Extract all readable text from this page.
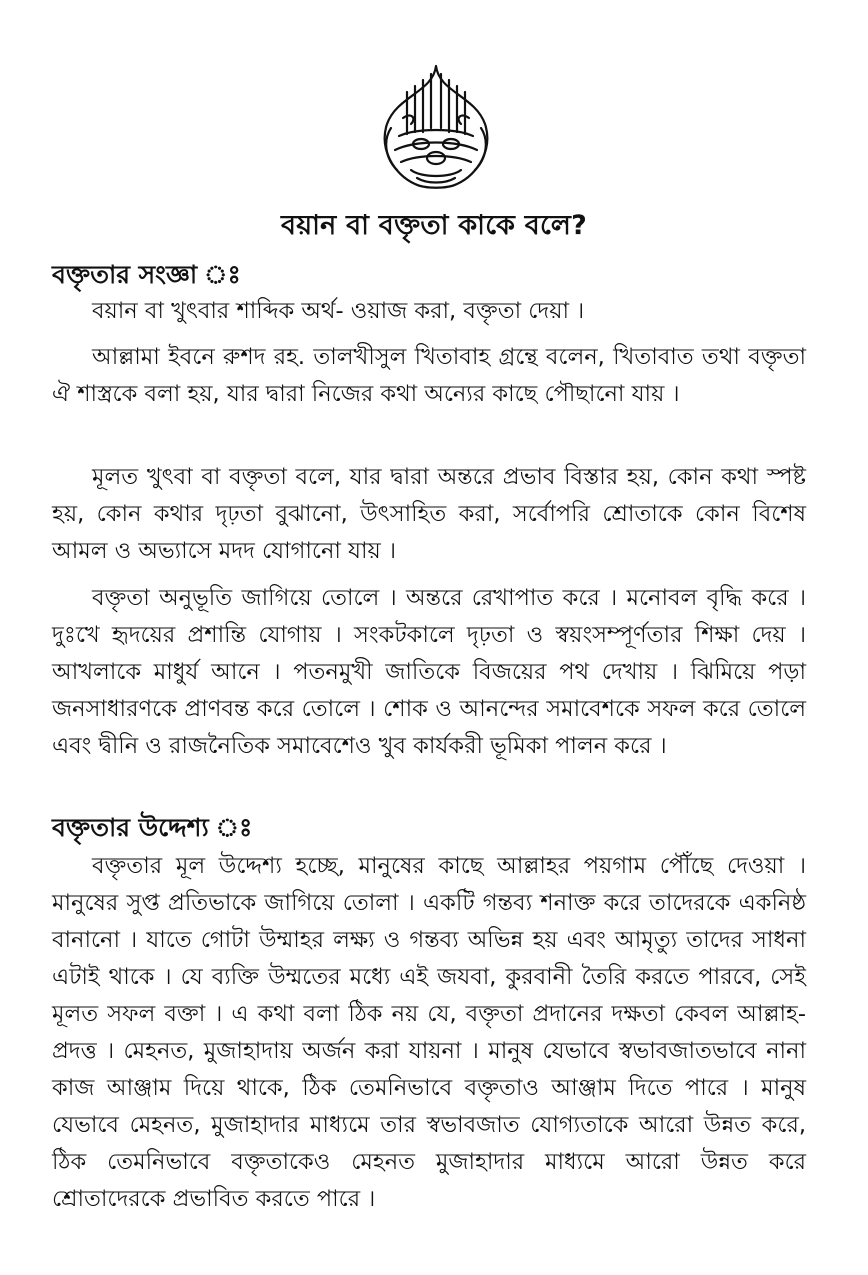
বয়ান বা বক্তৃতা কাকে বলে?
বক্তৃতার সংজ্ঞা ঃ
বয়ান বা খুৎবার শাব্দিক অর্থ- ওয়াজ করা, বক্তৃতা দেয়া ।
আল্লামা ইবনে রুশদ রহ. তালখীসুল খিতাবাহ গ্রন্থে বলেন, খিতাবাত তথা বক্তৃতা ঐ শাস্ত্রকে বলা হয়, যার দ্বারা নিজের কথা অন্যের কাছে পৌছানো যায় ।
মূলত খুৎবা বা বক্তৃতা বলে, যার দ্বারা অন্তরে প্রভাব বিস্তার হয়, কোন কথা স্পষ্ট হয়, কোন কথার দৃঢ়তা বুঝানো, উৎসাহিত করা, সর্বোপরি শ্রোতাকে কোন বিশেষ আমল ও অভ্যাসে মদদ যোগানো যায় ।
বক্তৃতা অনুভূতি জাগিয়ে তোলে । অন্তরে রেখাপাত করে । মনোবল বৃদ্ধি করে । দুঃখে হৃদয়ের প্রশান্তি যোগায় । সংকটকালে দৃঢ়তা ও স্বয়ংসম্পূর্ণতার শিক্ষা দেয় । আখলাকে মাধুর্য আনে । পতনমুখী জাতিকে বিজয়ের পথ দেখায় । ঝিমিয়ে পড়া জনসাধারণকে প্রাণবন্ত করে তোলে । শোক ও আনন্দের সমাবেশকে সফল করে তোলে এবং দ্বীনি ও রাজনৈতিক সমাবেশেও খুব কার্যকরী ভূমিকা পালন করে ।
বক্তৃতার উদ্দেশ্য ঃ
বক্তৃতার মূল উদ্দেশ্য হচ্ছে, মানুষের কাছে আল্লাহর পয়গাম পৌঁছে দেওয়া । মানুষের সুপ্ত প্রতিভাকে জাগিয়ে তোলা । একটি গন্তব্য শনাক্ত করে তাদেরকে একনিষ্ঠ বানানো । যাতে গোটা উম্মাহর লক্ষ্য ও গন্তব্য অভিন্ন হয় এবং আমৃত্যু তাদের সাধনা এটাই থাকে । যে ব্যক্তি উম্মতের মধ্যে এই জযবা, কুরবানী তৈরি করতে পারবে, সেই মূলত সফল বক্তা । এ কথা বলা ঠিক নয় যে, বক্তৃতা প্রদানের দক্ষতা কেবল আল্লাহ-প্রদত্ত । মেহনত, মুজাহাদায় অর্জন করা যায়না । মানুষ যেভাবে স্বভাবজাতভাবে নানা কাজ আঞ্জাম দিয়ে থাকে, ঠিক তেমনিভাবে বক্তৃতাও আঞ্জাম দিতে পারে । মানুষ যেভাবে মেহনত, মুজাহাদার মাধ্যমে তার স্বভাবজাত যোগ্যতাকে আরো উন্নত করে, ঠিক তেমনিভাবে বক্তৃতাকেও মেহনত মুজাহাদার মাধ্যমে আরো উন্নত করে শ্রোতাদেরকে প্রভাবিত করতে পারে ।
